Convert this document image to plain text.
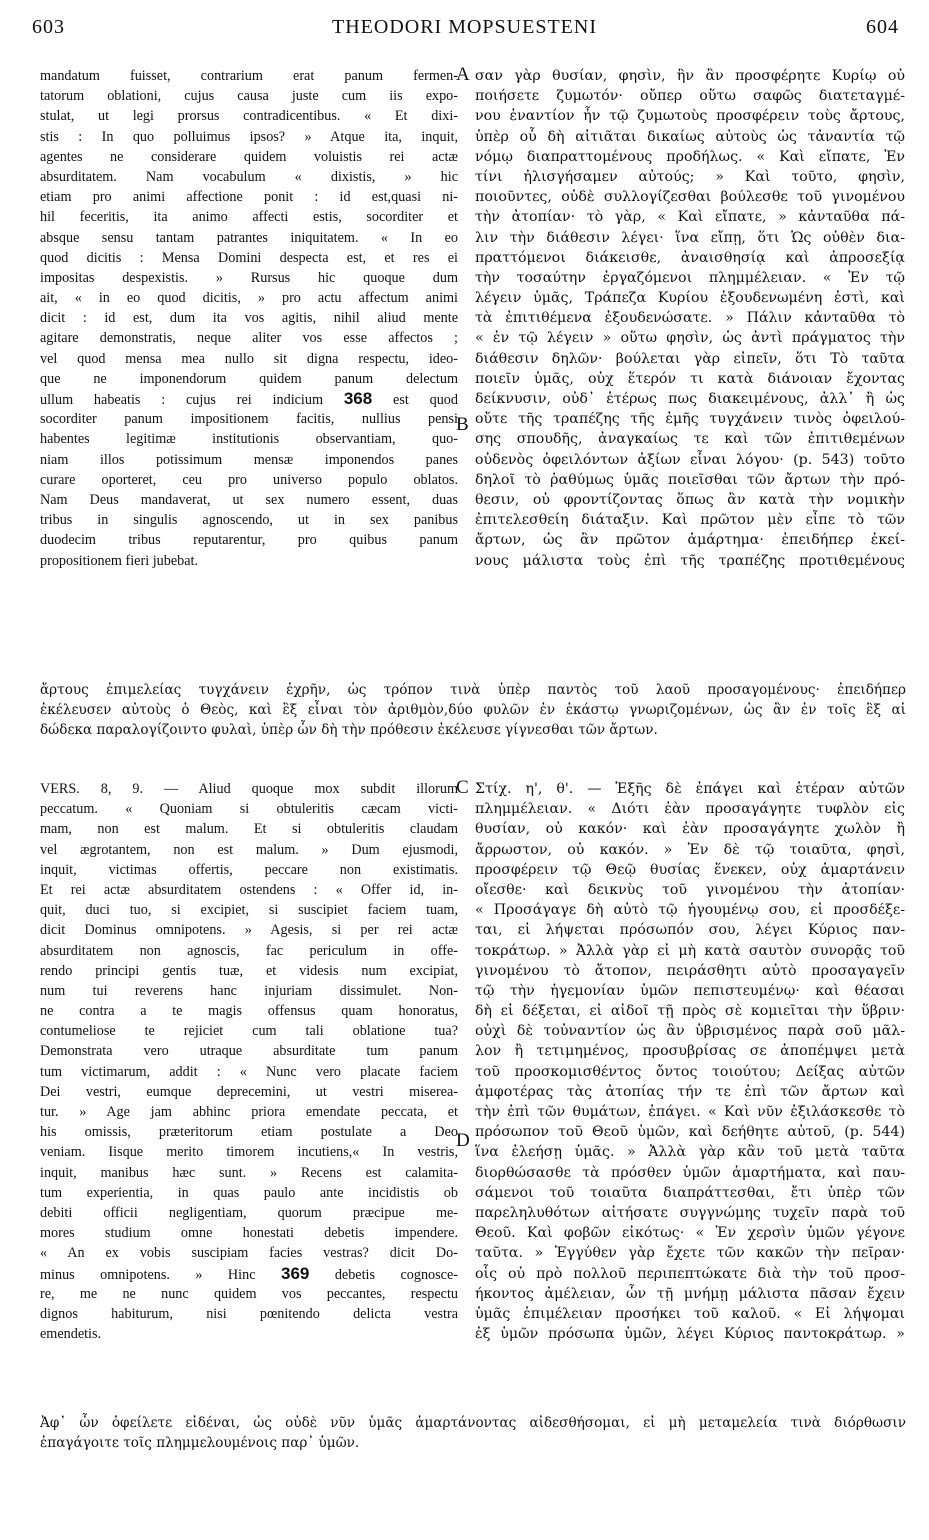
603	THEODORI MOPSUESTENI	604
A
B
C
D
mandatum fuisset, contrarium erat panum fermen-
tatorum oblationi, cujus causa juste cum iis expo-
stulat, ut legi prorsus contradicentibus. « Et dixi-
stis : In quo polluimus ipsos? » Atque ita, inquit,
agentes ne considerare quidem voluistis rei actæ
absurditatem. Nam vocabulum « dixistis, » hic
etiam pro animi affectione ponit : id est,quasi ni-
hil feceritis, ita animo affecti estis, socorditer et
absque sensu tantam patrantes iniquitatem. « In eo
quod dicitis : Mensa Domini despecta est, et res ei
impositas despexistis. » Rursus hic quoque dum
ait, « in eo quod dicitis, » pro actu affectum animi
dicit : id est, dum ita vos agitis, nihil aliud mente
agitare demonstratis, neque aliter vos esse affectos ;
vel quod mensa mea nullo sit digna respectu, ideo-
que ne imponendorum quidem panum delectum
ullum habeatis : cujus rei indicium 368 est quod
socorditer panum impositionem facitis, nullius pensi
habentes legitimæ institutionis observantiam, quo-
niam illos potissimum mensæ imponendos panes
curare oporteret, ceu pro universo populo oblatos.
Nam Deus mandaverat, ut sex numero essent, duas
tribus in singulis agnoscendo, ut in sex panibus
duodecim tribus reputarentur, pro quibus panum
propositionem fieri jubebat.
σαν γὰρ θυσίαν, φησὶν, ἣν ἂν προσφέρητε Κυρίῳ οὐ
ποιήσετε ζυμωτόν· οὔπερ οὕτω σαφῶς διατεταγμέ-
νου ἐναντίον ἦν τῷ ζυμωτοὺς προσφέρειν τοὺς ἄρτους,
ὑπὲρ οὗ δὴ αἰτιᾶται δικαίως αὐτοὺς ὡς τἀναντία τῷ
νόμῳ διαπραττομένους προδήλως. « Καὶ εἴπατε, Ἐν
τίνι ἠλισγήσαμεν αὐτούς; » Καὶ τοῦτο, φησὶν,
ποιοῦντες, οὐδὲ συλλογίζεσθαι βούλεσθε τοῦ γινομένου
τὴν ἀτοπίαν· τὸ γὰρ, « Καὶ εἴπατε, » κἀνταῦθα πά-
λιν τὴν διάθεσιν λέγει· ἵνα εἴπῃ, ὅτι Ὡς οὐθὲν δια-
πραττόμενοι διάκεισθε, ἀναισθησίᾳ καὶ ἀπροσεξίᾳ
τὴν τοσαύτην ἐργαζόμενοι πλημμέλειαν. « Ἐν τῷ
λέγειν ὑμᾶς, Τράπεζα Κυρίου ἐξουδενωμένη ἐστὶ, καὶ
τὰ ἐπιτιθέμενα ἐξουδενώσατε. » Πάλιν κἀνταῦθα τὸ
« ἐν τῷ λέγειν » οὕτω φησὶν, ὡς ἀντὶ πράγματος τὴν
διάθεσιν δηλῶν· βούλεται γὰρ εἰπεῖν, ὅτι Τὸ ταῦτα
ποιεῖν ὑμᾶς, οὐχ ἕτερόν τι κατὰ διάνοιαν ἔχοντας
δείκνυσιν, οὐδ᾽ ἑτέρως πως διακειμένους, ἀλλ᾽ ἢ ὡς
οὔτε τῆς τραπέζης τῆς ἐμῆς τυγχάνειν τινὸς ὀφειλού-
σης σπουδῆς, ἀναγκαίως τε καὶ τῶν ἐπιτιθεμένων
οὐδενὸς ὀφειλόντων ἀξίων εἶναι λόγου· (p. 543) τοῦτο
δηλοῖ τὸ ῥαθύμως ὑμᾶς ποιεῖσθαι τῶν ἄρτων τὴν πρό-
θεσιν, οὐ φροντίζοντας ὅπως ἂν κατὰ τὴν νομικὴν
ἐπιτελεσθείη διάταξιν. Καὶ πρῶτον μὲν εἶπε τὸ τῶν
ἄρτων, ὡς ἂν πρῶτον ἁμάρτημα· ἐπειδήπερ ἐκεί-
νους μάλιστα τοὺς ἐπὶ τῆς τραπέζης προτιθεμένους
ἄρτους ἐπιμελείας τυγχάνειν ἐχρῆν, ὡς τρόπον τινὰ ὑπὲρ παντὸς τοῦ λαοῦ προσαγομένους· ἐπειδήπερ
ἐκέλευσεν αὐτοὺς ὁ Θεὸς, καὶ ἓξ εἶναι τὸν ἀριθμὸν,δύο φυλῶν ἐν ἑκάστῳ γνωριζομένων, ὡς ἂν ἐν τοῖς ἓξ αἱ
δώδεκα παραλογίζοιντο φυλαὶ, ὑπὲρ ὧν δὴ τὴν πρόθεσιν ἐκέλευσε γίγνεσθαι τῶν ἄρτων.
VERS. 8, 9. — Aliud quoque mox subdit illorum
peccatum. « Quoniam si obtuleritis cæcam victi-
mam, non est malum. Et si obtuleritis claudam
vel ægrotantem, non est malum. » Dum ejusmodi,
inquit, victimas offertis, peccare non existimatis.
Et rei actæ absurditatem ostendens : « Offer id, in-
quit, duci tuo, si excipiet, si suscipiet faciem tuam,
dicit Dominus omnipotens. » Agesis, si per rei actæ
absurditatem non agnoscis, fac periculum in offe-
rendo principi gentis tuæ, et videsis num excipiat,
num tui reverens hanc injuriam dissimulet. Non-
ne contra a te magis offensus quam honoratus,
contumeliose te rejiciet cum tali oblatione tua?
Demonstrata vero utraque absurditate tum panum
tum victimarum, addit : « Nunc vero placate faciem
Dei vestri, eumque deprecemini, ut vestri miserea-
tur. » Age jam abhinc priora emendate peccata, et
his omissis, præteritorum etiam postulate a Deo
veniam. Iisque merito timorem incutiens,« In vestris,
inquit, manibus hæc sunt. » Recens est calamita-
tum experientia, in quas paulo ante incidistis ob
debiti officii negligentiam, quorum præcipue me-
mores studium omne honestati debetis impendere.
« An ex vobis suscipiam facies vestras? dicit Do-
minus omnipotens. » Hinc 369 debetis cognosce-
re, me ne nunc quidem vos peccantes, respectu
dignos habiturum, nisi pœnitendo delicta vestra
emendetis.
Στίχ. η', θ'. — Ἑξῆς δὲ ἐπάγει καὶ ἑτέραν αὐτῶν
πλημμέλειαν. « Διότι ἐὰν προσαγάγητε τυφλὸν εἰς
θυσίαν, οὐ κακόν· καὶ ἐὰν προσαγάγητε χωλὸν ἢ
ἄρρωστον, οὐ κακόν. » Ἐν δὲ τῷ τοιαῦτα, φησὶ,
προσφέρειν τῷ Θεῷ θυσίας ἕνεκεν, οὐχ ἁμαρτάνειν
οἴεσθε· καὶ δεικνὺς τοῦ γινομένου τὴν ἀτοπίαν·
« Προσάγαγε δὴ αὐτὸ τῷ ἡγουμένῳ σου, εἰ προσδέξε-
ται, εἰ λήψεται πρόσωπόν σου, λέγει Κύριος παν-
τοκράτωρ. » Ἀλλὰ γὰρ εἰ μὴ κατὰ σαυτὸν συνορᾷς τοῦ
γινομένου τὸ ἄτοπον, πειράσθητι αὐτὸ προσαγαγεῖν
τῷ τὴν ἡγεμονίαν ὑμῶν πεπιστευμένῳ· καὶ θέασαι
δὴ εἰ δέξεται, εἰ αἰδοῖ τῇ πρὸς σὲ κομιεῖται τὴν ὕβριν·
οὐχὶ δὲ τοὐναντίον ὡς ἂν ὑβρισμένος παρὰ σοῦ μᾶλ-
λον ἢ τετιμημένος, προσυβρίσας σε ἀποπέμψει μετὰ
τοῦ προσκομισθέντος ὄντος τοιούτου; Δείξας αὐτῶν
ἀμφοτέρας τὰς ἀτοπίας τήν τε ἐπὶ τῶν ἄρτων καὶ
τὴν ἐπὶ τῶν θυμάτων, ἐπάγει. « Καὶ νῦν ἐξιλάσκεσθε τὸ
πρόσωπον τοῦ Θεοῦ ὑμῶν, καὶ δεήθητε αὐτοῦ, (p. 544)
ἵνα ἐλεήσῃ ὑμᾶς. » Ἀλλὰ γὰρ κἂν τοῦ μετὰ ταῦτα
διορθώσασθε τὰ πρόσθεν ὑμῶν ἁμαρτήματα, καὶ παυ-
σάμενοι τοῦ τοιαῦτα διαπράττεσθαι, ἔτι ὑπὲρ τῶν
παρεληλυθότων αἰτήσατε συγγνώμης τυχεῖν παρὰ τοῦ
Θεοῦ. Καὶ φοβῶν εἰκότως· « Ἐν χερσὶν ὑμῶν γέγονε
ταῦτα. » Ἐγγύθεν γὰρ ἔχετε τῶν κακῶν τὴν πεῖραν·
οἷς οὐ πρὸ πολλοῦ περιπεπτώκατε διὰ τὴν τοῦ προσ-
ήκοντος ἀμέλειαν, ὧν τῇ μνήμῃ μάλιστα πᾶσαν ἔχειν
ὑμᾶς ἐπιμέλειαν προσήκει τοῦ καλοῦ. « Εἰ λήψομαι
ἐξ ὑμῶν πρόσωπα ὑμῶν, λέγει Κύριος παντοκράτωρ. »
Ἀφ᾽ ὧν ὀφείλετε εἰδέναι, ὡς οὐδὲ νῦν ὑμᾶς ἁμαρτάνοντας αἰδεσθήσομαι, εἰ μὴ μεταμελεία τινὰ διόρθωσιν
ἐπαγάγοιτε τοῖς πλημμελουμένοις παρ᾽ ὑμῶν.
